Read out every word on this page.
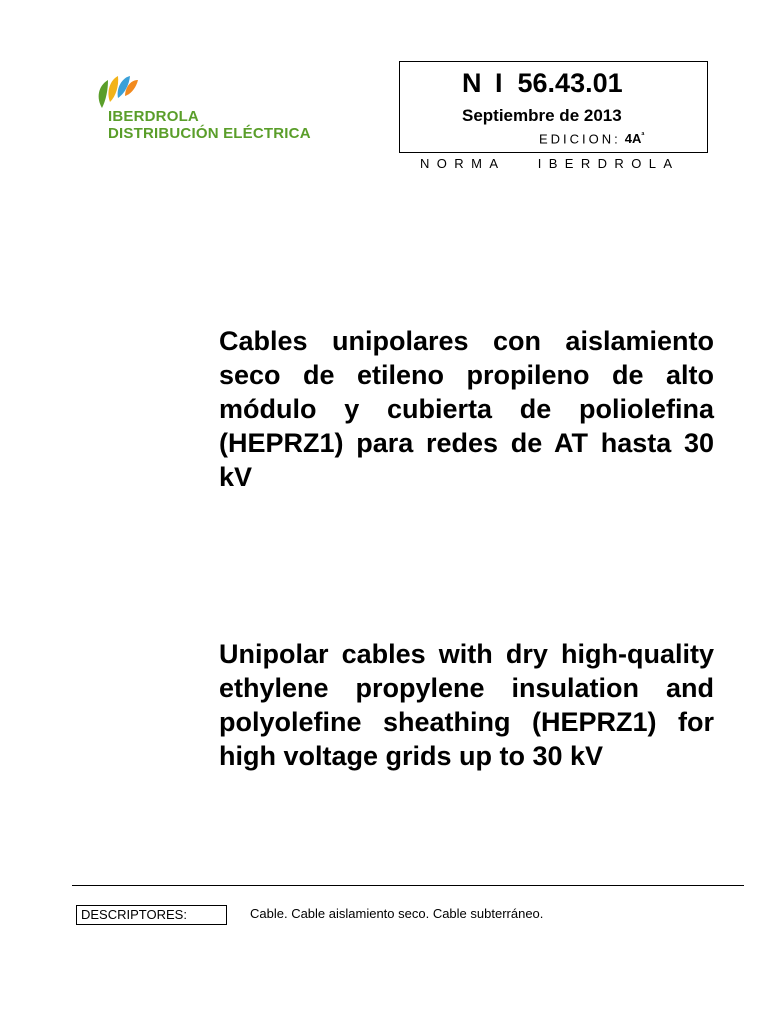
IBERDROLA
DISTRIBUCIÓN ELÉCTRICA
N I 56.43.01
Septiembre de 2013
EDICION: $4A^ª$
NORMA   IBERDROLA

Cables unipolares con aislamiento seco de etileno propileno de alto módulo y cubierta de poliolefina (HEPRZ1) para redes de AT hasta 30 kV

Unipolar cables with dry high-quality ethylene propylene insulation and polyolefine sheathing (HEPRZ1) for high voltage grids up to 30 kV

DESCRIPTORES:	Cable. Cable aislamiento seco. Cable subterráneo.
